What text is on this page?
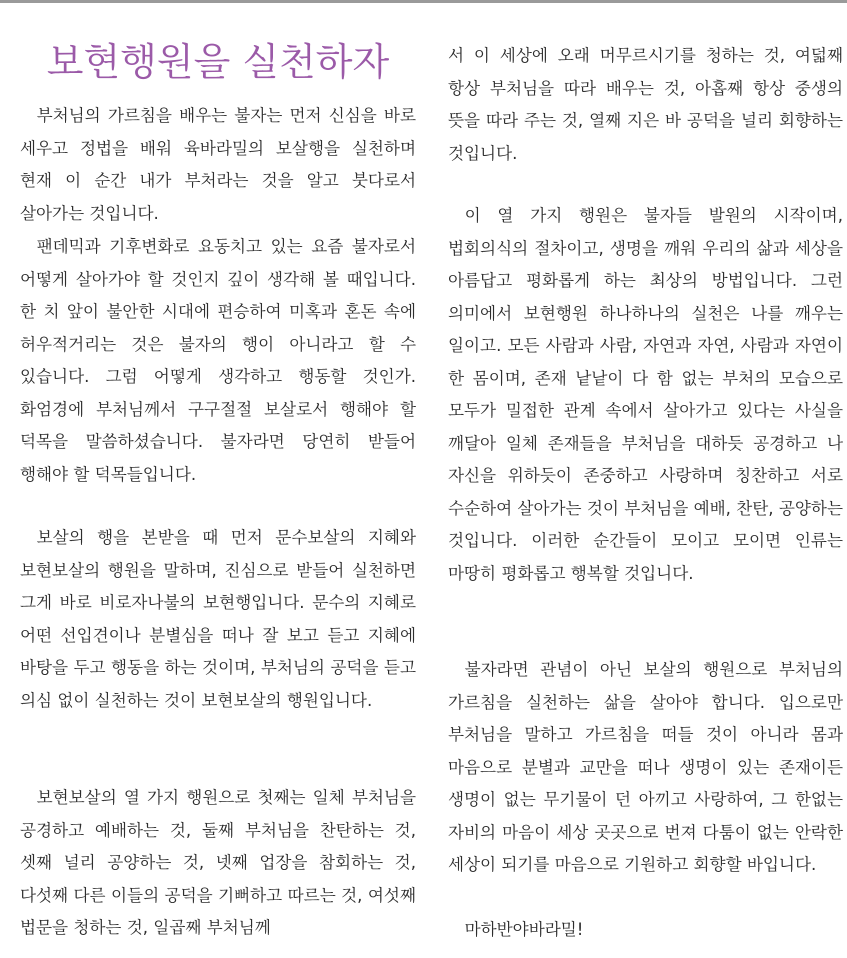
보현행원을 실천하자

부처님의 가르침을 배우는 불자는 먼저 신심을 바로 세우고 정법을 배워 육바라밀의 보살행을 실천하며 현재 이 순간 내가 부처라는 것을 알고 붓다로서 살아가는 것입니다.

팬데믹과 기후변화로 요동치고 있는 요즘 불자로서 어떻게 살아가야 할 것인지 깊이 생각해 볼 때입니다. 한 치 앞이 불안한 시대에 편승하여 미혹과 혼돈 속에 허우적거리는 것은 불자의 행이 아니라고 할 수 있습니다. 그럼 어떻게 생각하고 행동할 것인가. 화엄경에 부처님께서 구구절절 보살로서 행해야 할 덕목을 말씀하셨습니다. 불자라면 당연히 받들어 행해야 할 덕목들입니다.

보살의 행을 본받을 때 먼저 문수보살의 지혜와 보현보살의 행원을 말하며, 진심으로 받들어 실천하면 그게 바로 비로자나불의 보현행입니다. 문수의 지혜로 어떤 선입견이나 분별심을 떠나 잘 보고 듣고 지혜에 바탕을 두고 행동을 하는 것이며, 부처님의 공덕을 듣고 의심 없이 실천하는 것이 보현보살의 행원입니다.

보현보살의 열 가지 행원으로 첫째는 일체 부처님을 공경하고 예배하는 것, 둘째 부처님을 찬탄하는 것, 셋째 널리 공양하는 것, 넷째 업장을 참회하는 것, 다섯째 다른 이들의 공덕을 기뻐하고 따르는 것, 여섯째 법문을 청하는 것, 일곱째 부처님께

서 이 세상에 오래 머무르시기를 청하는 것, 여덟째 항상 부처님을 따라 배우는 것, 아홉째 항상 중생의 뜻을 따라 주는 것, 열째 지은 바 공덕을 널리 회향하는 것입니다.

이 열 가지 행원은 불자들 발원의 시작이며, 법회의식의 절차이고, 생명을 깨워 우리의 삶과 세상을 아름답고 평화롭게 하는 최상의 방법입니다. 그런 의미에서 보현행원 하나하나의 실천은 나를 깨우는 일이고. 모든 사람과 사람, 자연과 자연, 사람과 자연이 한 몸이며, 존재 낱낱이 다 함 없는 부처의 모습으로 모두가 밀접한 관계 속에서 살아가고 있다는 사실을 깨달아 일체 존재들을 부처님을 대하듯 공경하고 나 자신을 위하듯이 존중하고 사랑하며 칭찬하고 서로 수순하여 살아가는 것이 부처님을 예배, 찬탄, 공양하는 것입니다. 이러한 순간들이 모이고 모이면 인류는 마땅히 평화롭고 행복할 것입니다.

불자라면 관념이 아닌 보살의 행원으로 부처님의 가르침을 실천하는 삶을 살아야 합니다. 입으로만 부처님을 말하고 가르침을 떠들 것이 아니라 몸과 마음으로 분별과 교만을 떠나 생명이 있는 존재이든 생명이 없는 무기물이 던 아끼고 사랑하여, 그 한없는 자비의 마음이 세상 곳곳으로 번져 다툼이 없는 안락한 세상이 되기를 마음으로 기원하고 회향할 바입니다.

마하반야바라밀!
